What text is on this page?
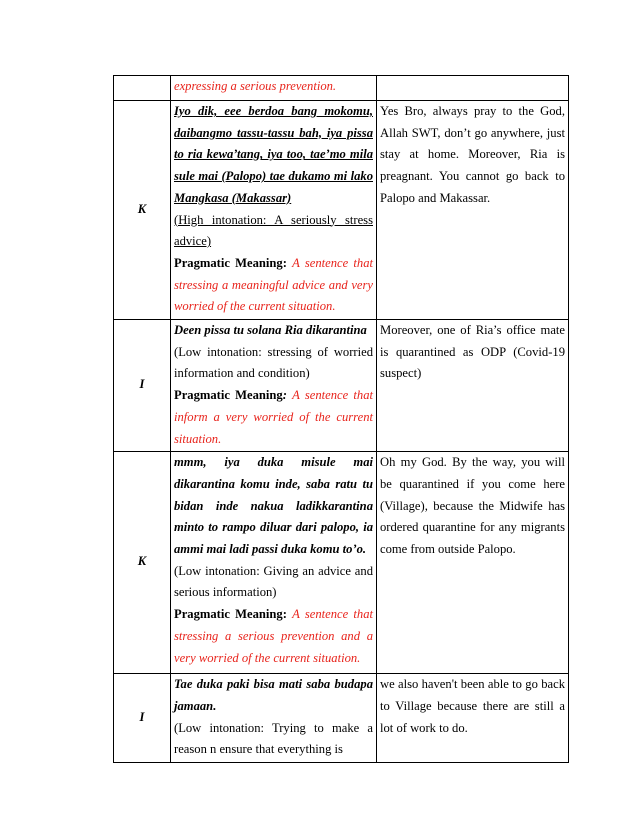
	expressing a serious prevention.	
K	Iyo dik, eee berdoa bang mokomu, daibangmo tassu-tassu bah, iya pissa to ria kewa’tang, iya too, tae’mo mila sule mai (Palopo) tae dukamo mi lako Mangkasa (Makassar)
(High intonation: A seriously stress advice)
Pragmatic Meaning: A sentence that stressing a meaningful advice and very worried of the current situation.	Yes Bro, always pray to the God, Allah SWT, don’t go anywhere, just stay at home. Moreover, Ria is preagnant. You cannot go back to Palopo and Makassar.
I	Deen pissa tu solana Ria dikarantina
(Low intonation: stressing of worried information and condition)
Pragmatic Meaning: A sentence that inform a very worried of the current situation.	Moreover, one of Ria’s office mate is quarantined as ODP (Covid-19 suspect)
K	mmm, iya duka misule mai dikarantina komu inde, saba ratu tu bidan inde nakua ladikkarantina minto to rampo diluar dari palopo, ia ammi mai ladi passi duka komu to’o.
(Low intonation: Giving an advice and serious information)
Pragmatic Meaning: A sentence that stressing a serious prevention and a very worried of the current situation.	Oh my God. By the way, you will be quarantined if you come here (Village), because the Midwife has ordered quarantine for any migrants come from outside Palopo.
I	Tae duka paki bisa mati saba budapa jamaan.
(Low intonation: Trying to make a reason n ensure that everything is	we also haven't been able to go back to Village because there are still a lot of work to do.
